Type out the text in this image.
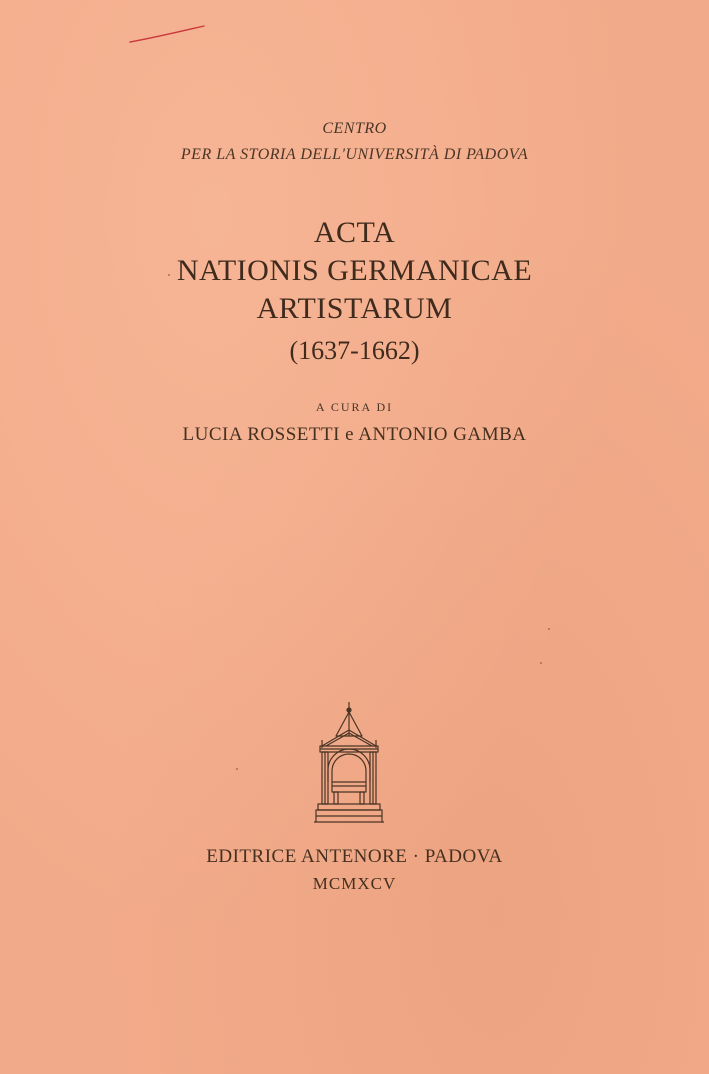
CENTRO
PER LA STORIA DELL'UNIVERSITÀ DI PADOVA
ACTA
NATIONIS GERMANICAE
ARTISTARUM
(1637-1662)
A CURA DI
LUCIA ROSSETTI e ANTONIO GAMBA
EDITRICE ANTENORE · PADOVA
MCMXCV
